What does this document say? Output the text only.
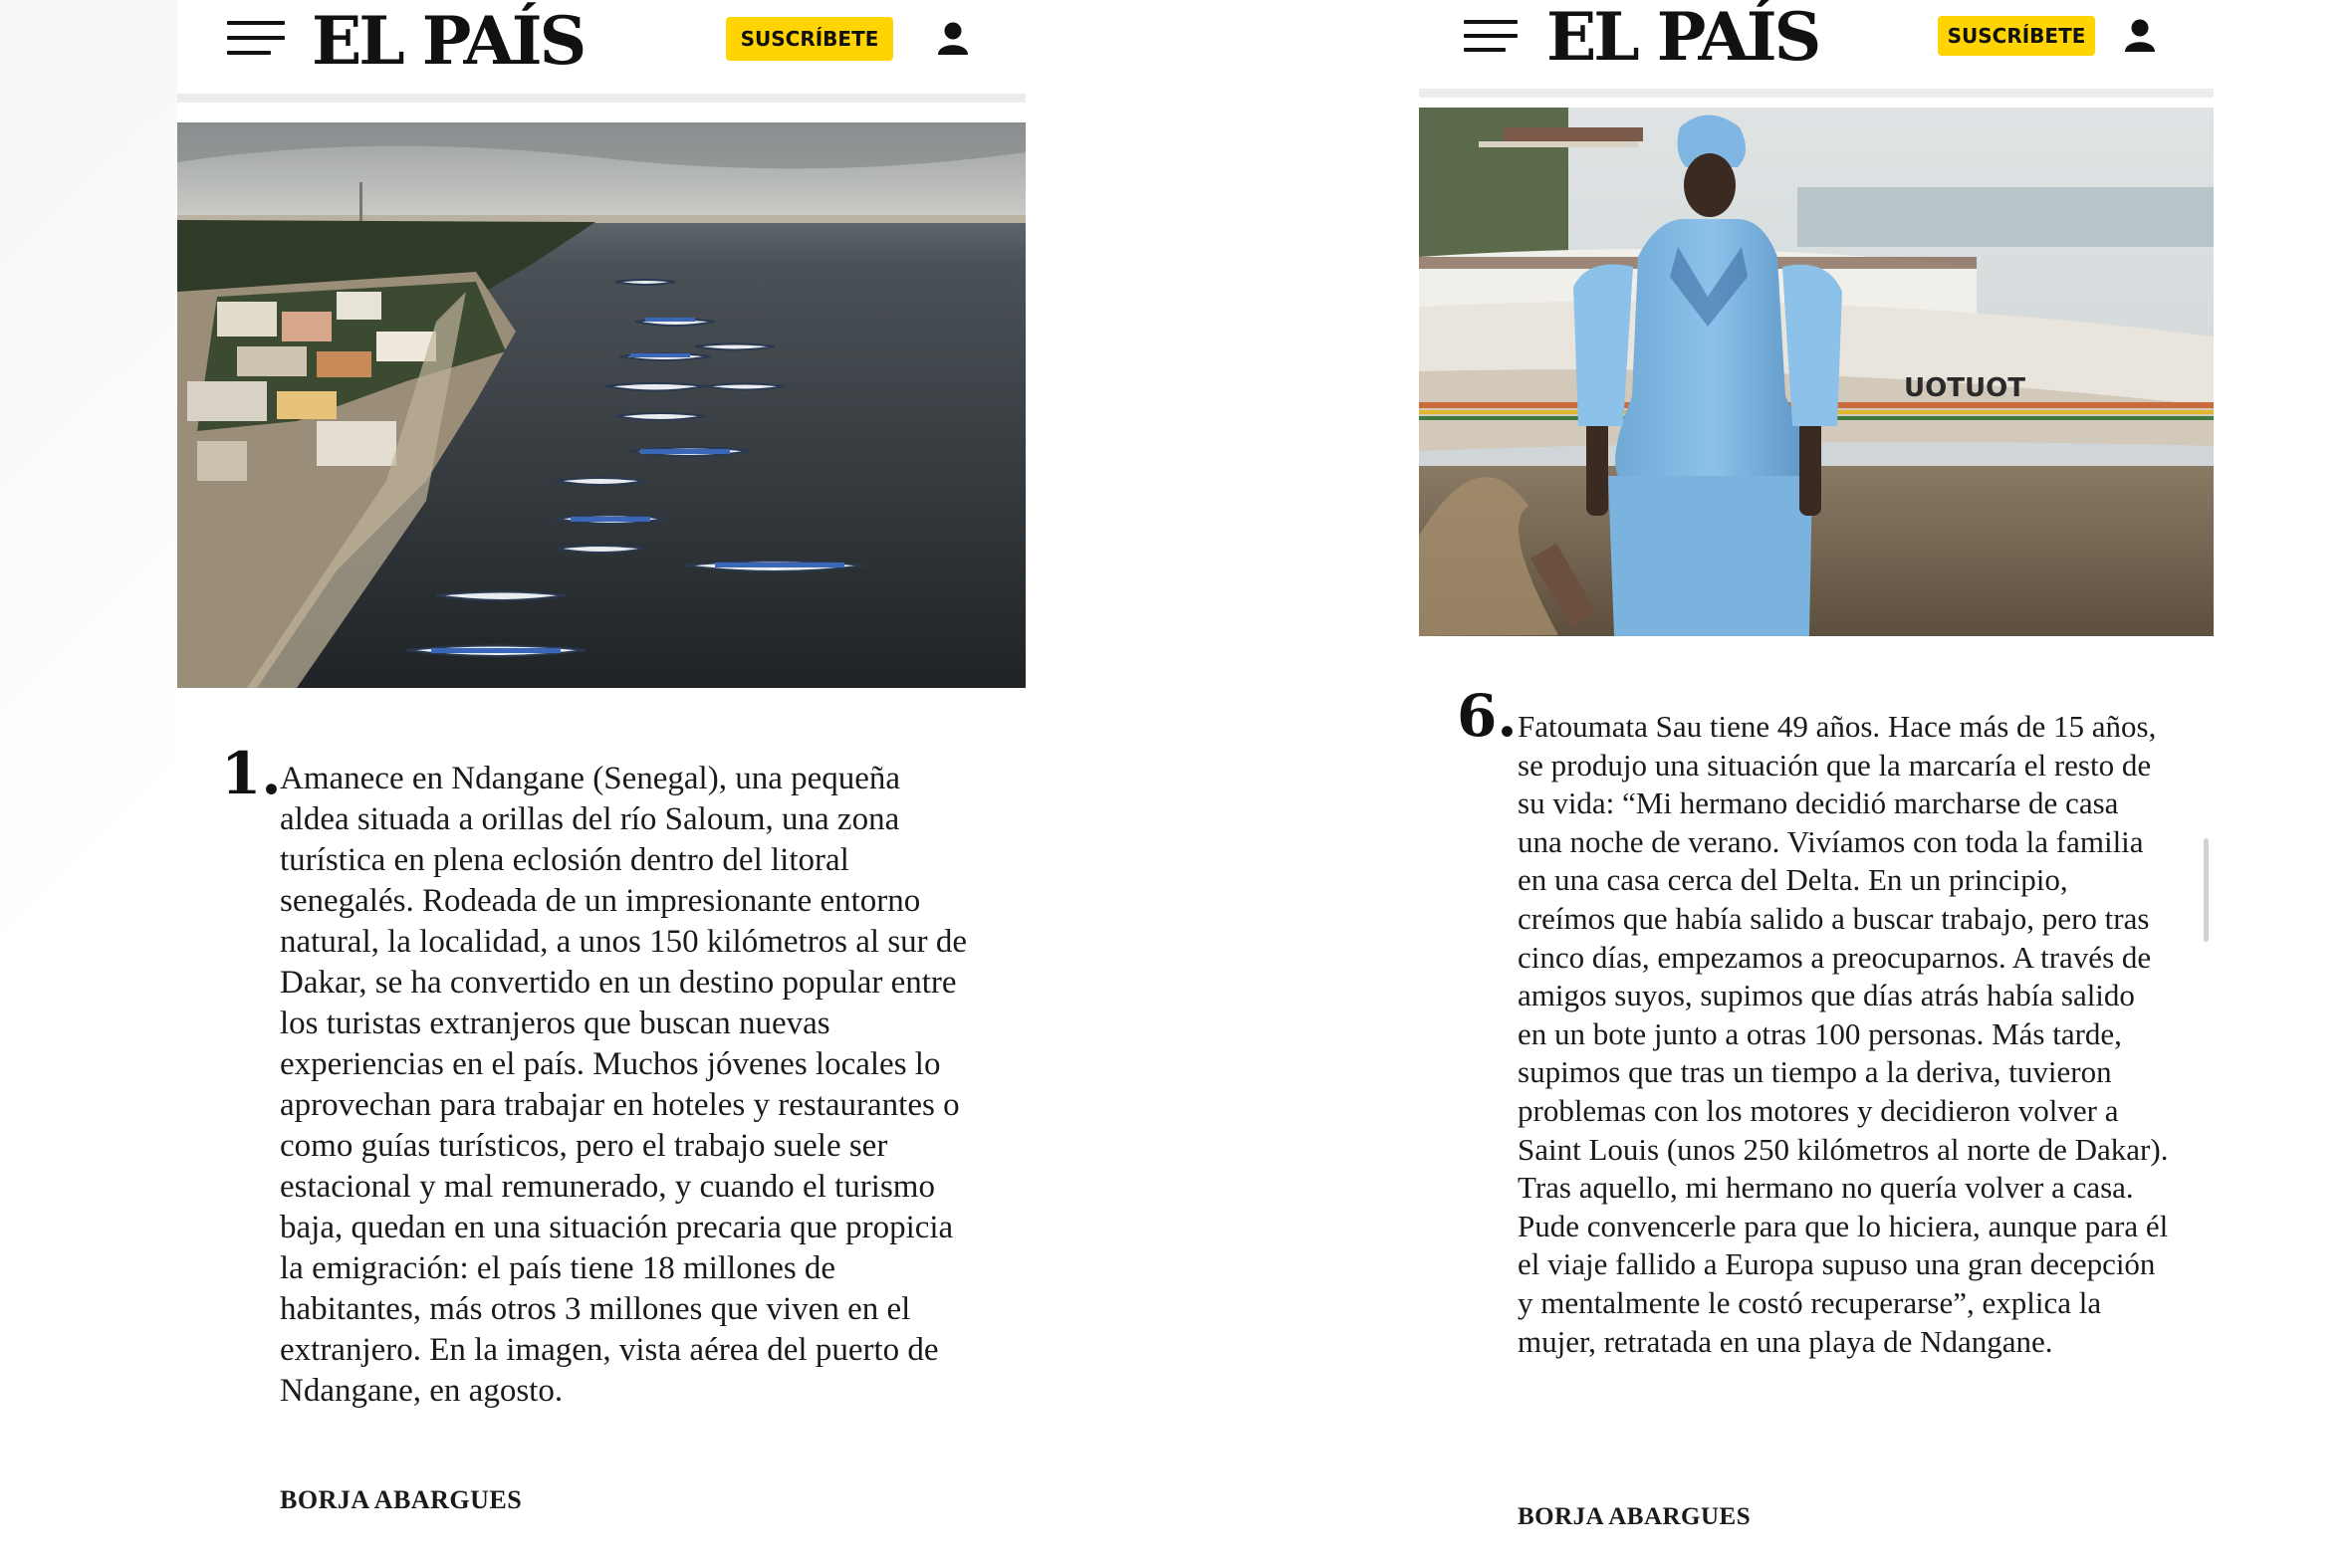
EL PAÍS	SUSCRÍBETE
1.

Amanece en Ndangane (Senegal), una pequeña aldea situada a orillas del río Saloum, una zona turística en plena eclosión dentro del litoral senegalés. Rodeada de un impresionante entorno natural, la localidad, a unos 150 kilómetros al sur de Dakar, se ha convertido en un destino popular entre los turistas extranjeros que buscan nuevas experiencias en el país. Muchos jóvenes locales lo aprovechan para trabajar en hoteles y restaurantes o como guías turísticos, pero el trabajo suele ser estacional y mal remunerado, y cuando el turismo baja, quedan en una situación precaria que propicia la emigración: el país tiene 18 millones de habitantes, más otros 3 millones que viven en el extranjero. En la imagen, vista aérea del puerto de Ndangane, en agosto.

BORJA ABARGUES
EL PAÍS	SUSCRÍBETE
TOUTOU
6. Fatoumata Sau tiene 49 años. Hace más de 15 años, se produjo una situación que la marcaría el resto de su vida: “Mi hermano decidió marcharse de casa una noche de verano. Vivíamos con toda la familia en una casa cerca del Delta. En un principio, creímos que había salido a buscar trabajo, pero tras cinco días, empezamos a preocuparnos. A través de amigos suyos, supimos que días atrás había salido en un bote junto a otras 100 personas. Más tarde, supimos que tras un tiempo a la deriva, tuvieron problemas con los motores y decidieron volver a Saint Louis (unos 250 kilómetros al norte de Dakar). Tras aquello, mi hermano no quería volver a casa. Pude convencerle para que lo hiciera, aunque para él el viaje fallido a Europa supuso una gran decepción y mentalmente le costó recuperarse”, explica la mujer, retratada en una playa de Ndangane.

BORJA ABARGUES
